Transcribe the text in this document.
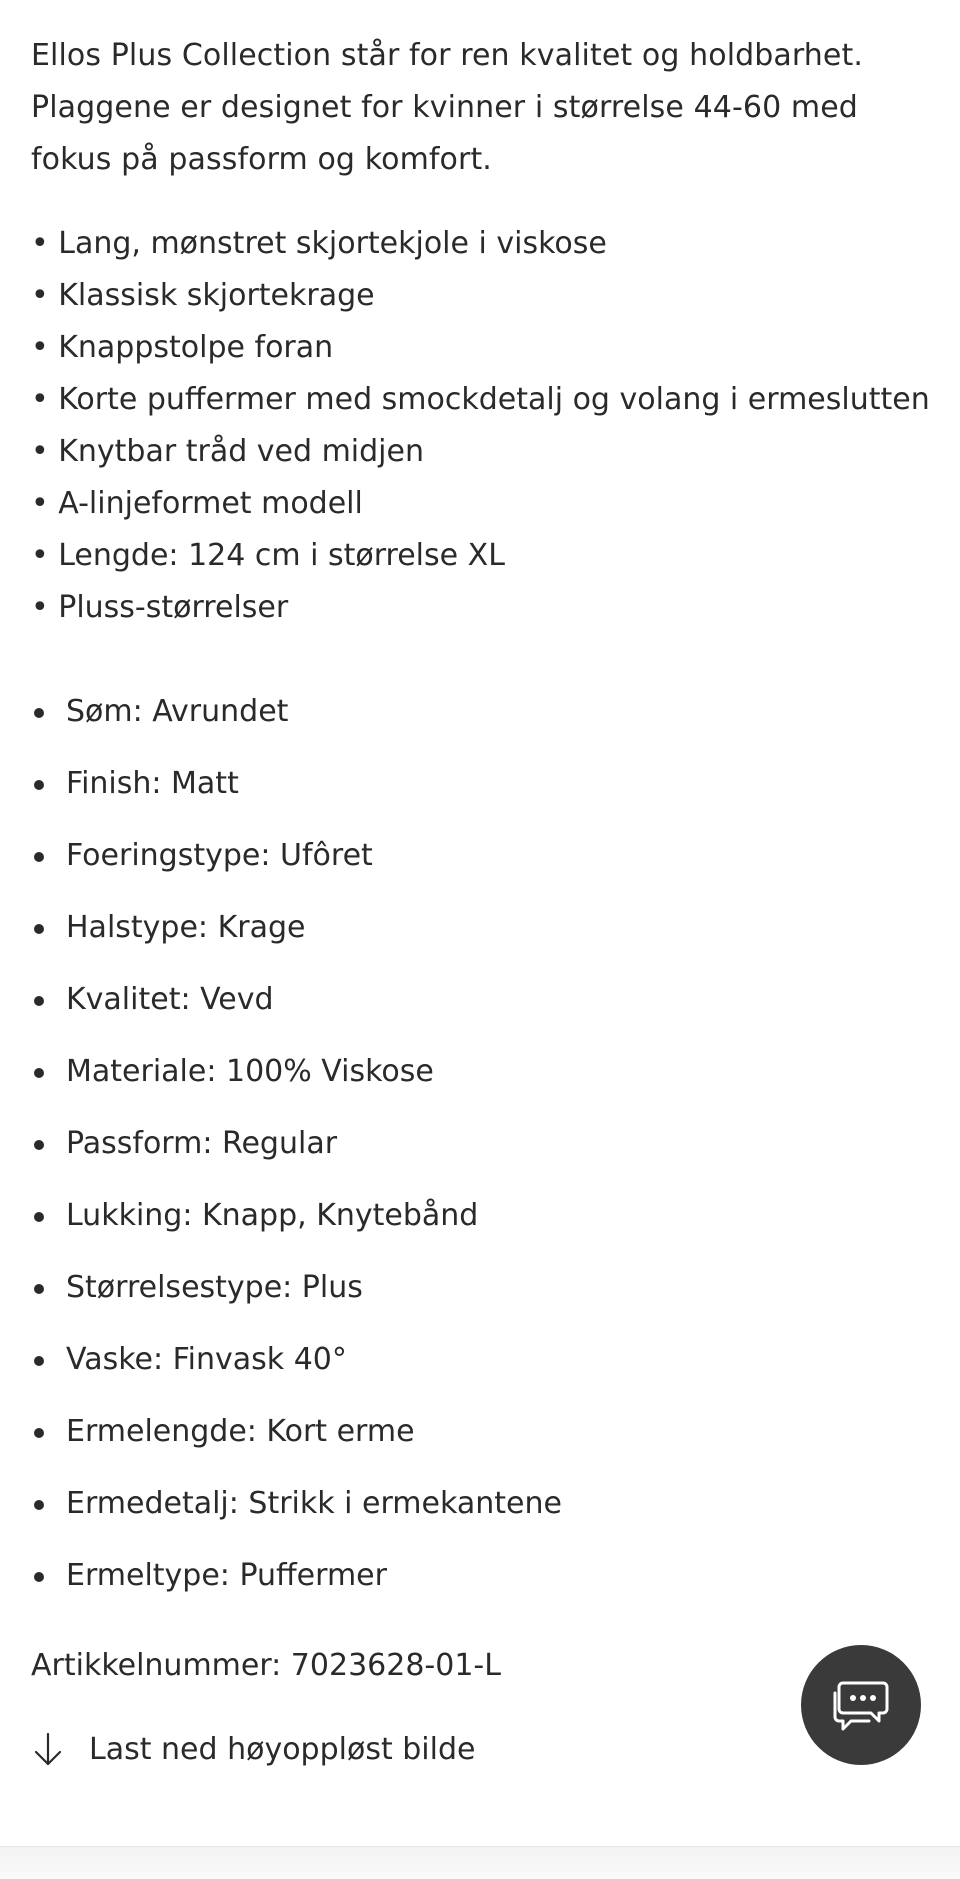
Ellos Plus Collection står for ren kvalitet og holdbarhet. Plaggene er designet for kvinner i størrelse 44-60 med fokus på passform og komfort.

• Lang, mønstret skjortekjole i viskose
• Klassisk skjortekrage
• Knappstolpe foran
• Korte puffermer med smockdetalj og volang i ermeslutten
• Knytbar tråd ved midjen
• A-linjeformet modell
• Lengde: 124 cm i størrelse XL
• Pluss-størrelser
Søm: Avrundet
Finish: Matt
Foeringstype: Ufôret
Halstype: Krage
Kvalitet: Vevd
Materiale: 100% Viskose
Passform: Regular
Lukking: Knapp, Knytebånd
Størrelsestype: Plus
Vaske: Finvask 40°
Ermelengde: Kort erme
Ermedetalj: Strikk i ermekantene
Ermeltype: Puffermer
Artikkelnummer: 7023628-01-L
Last ned høyoppløst bilde
